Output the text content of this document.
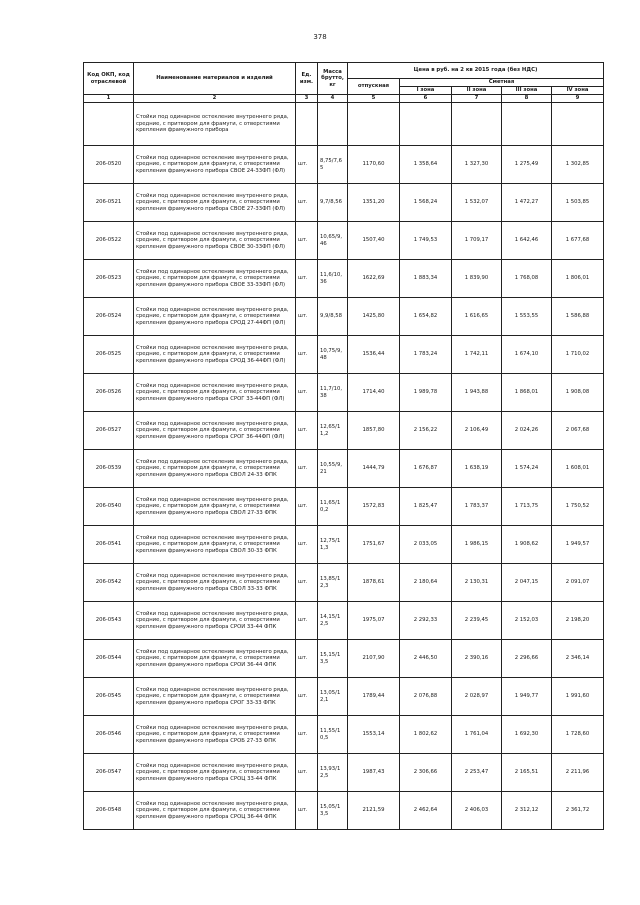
378
Код ОКП, код отраслевой	Наименование материалов и изделий	Ед. изм.	Масса брутто, кг	Цена в руб. на 2 кв 2015 года (без НДС)				
				отпускная	Сметная			
					I зона	II зона	III зона	IV зона
1	2	3	4	5	6	7	8	9
	Стойки под одинарное остекление внутреннего ряда, средние, с притвором для фрамуги, с отверстиями крепления фрамужного прибора							
206-0520	Стойки под одинарное остекление внутреннего ряда, средние, с притвором для фрамуги, с отверстиями крепления фрамужного прибора СВОЕ 24-33ФП (ФЛ)	шт.	8,75/7,6 5	1170,60	1 358,64	1 327,30	1 275,49	1 302,85
206-0521	Стойки под одинарное остекление внутреннего ряда, средние, с притвором для фрамуги, с отверстиями крепления фрамужного прибора СВОЕ 27-33ФП (ФЛ)	шт.	9,7/8,56	1351,20	1 568,24	1 532,07	1 472,27	1 503,85
206-0522	Стойки под одинарное остекление внутреннего ряда, средние, с притвором для фрамуги, с отверстиями крепления фрамужного прибора СВОЕ 30-33ФП (ФЛ)	шт.	10,65/9, 46	1507,40	1 749,53	1 709,17	1 642,46	1 677,68
206-0523	Стойки под одинарное остекление внутреннего ряда, средние, с притвором для фрамуги, с отверстиями крепления фрамужного прибора СВОЕ 33-33ФП (ФЛ)	шт.	11,6/10, 36	1622,69	1 883,34	1 839,90	1 768,08	1 806,01
206-0524	Стойки под одинарное остекление внутреннего ряда, средние, с притвором для фрамуги, с отверстиями крепления фрамужного прибора СРОД 27-44ФП (ФЛ)	шт.	9,9/8,58	1425,80	1 654,82	1 616,65	1 553,55	1 586,88
206-0525	Стойки под одинарное остекление внутреннего ряда, средние, с притвором для фрамуги, с отверстиями крепления фрамужного прибора СРОД 36-44ФП (ФЛ)	шт.	10,75/9, 48	1536,44	1 783,24	1 742,11	1 674,10	1 710,02
206-0526	Стойки под одинарное остекление внутреннего ряда, средние, с притвором для фрамуги, с отверстиями крепления фрамужного прибора СРОГ 33-44ФП (ФЛ)	шт.	11,7/10, 38	1714,40	1 989,78	1 943,88	1 868,01	1 908,08
206-0527	Стойки под одинарное остекление внутреннего ряда, средние, с притвором для фрамуги, с отверстиями крепления фрамужного прибора СРОГ 36-44ФП (ФЛ)	шт.	12,65/1 1,2	1857,80	2 156,22	2 106,49	2 024,26	2 067,68
206-0539	Стойки под одинарное остекление внутреннего ряда, средние, с притвором для фрамуги, с отверстиями крепления фрамужного прибора СВОЛ 24-33 ФПК	шт.	10,55/9, 21	1444,79	1 676,87	1 638,19	1 574,24	1 608,01
206-0540	Стойки под одинарное остекление внутреннего ряда, средние, с притвором для фрамуги, с отверстиями крепления фрамужного прибора СВОЛ 27-33 ФПК	шт.	11,65/1 0,2	1572,83	1 825,47	1 783,37	1 713,75	1 750,52
206-0541	Стойки под одинарное остекление внутреннего ряда, средние, с притвором для фрамуги, с отверстиями крепления фрамужного прибора СВОЛ 30-33 ФПК	шт.	12,75/1 1,3	1751,67	2 033,05	1 986,15	1 908,62	1 949,57
206-0542	Стойки под одинарное остекление внутреннего ряда, средние, с притвором для фрамуги, с отверстиями крепления фрамужного прибора СВОЛ 33-33 ФПК	шт.	13,85/1 2,3	1878,61	2 180,64	2 130,31	2 047,15	2 091,07
206-0543	Стойки под одинарное остекление внутреннего ряда, средние, с притвором для фрамуги, с отверстиями крепления фрамужного прибора СРОИ 33-44 ФПК	шт.	14,15/1 2,5	1975,07	2 292,33	2 239,45	2 152,03	2 198,20
206-0544	Стойки под одинарное остекление внутреннего ряда, средние, с притвором для фрамуги, с отверстиями крепления фрамужного прибора СРОИ 36-44 ФПК	шт.	15,15/1 3,5	2107,90	2 446,50	2 390,16	2 296,66	2 346,14
206-0545	Стойки под одинарное остекление внутреннего ряда, средние, с притвором для фрамуги, с отверстиями крепления фрамужного прибора СРОГ 33-33 ФПК	шт.	13,05/1 2,1	1789,44	2 076,88	2 028,97	1 949,77	1 991,60
206-0546	Стойки под одинарное остекление внутреннего ряда, средние, с притвором для фрамуги, с отверстиями крепления фрамужного прибора СРОБ 27-33 ФПК	шт.	11,55/1 0,5	1553,14	1 802,62	1 761,04	1 692,30	1 728,60
206-0547	Стойки под одинарное остекление внутреннего ряда, средние, с притвором для фрамуги, с отверстиями крепления фрамужного прибора СРОЦ 33-44 ФПК	шт.	13,93/1 2,5	1987,43	2 306,66	2 253,47	2 165,51	2 211,96
206-0548	Стойки под одинарное остекление внутреннего ряда, средние, с притвором для фрамуги, с отверстиями крепления фрамужного прибора СРОЦ 36-44 ФПК	шт.	15,05/1 3,5	2121,59	2 462,64	2 406,03	2 312,12	2 361,72
